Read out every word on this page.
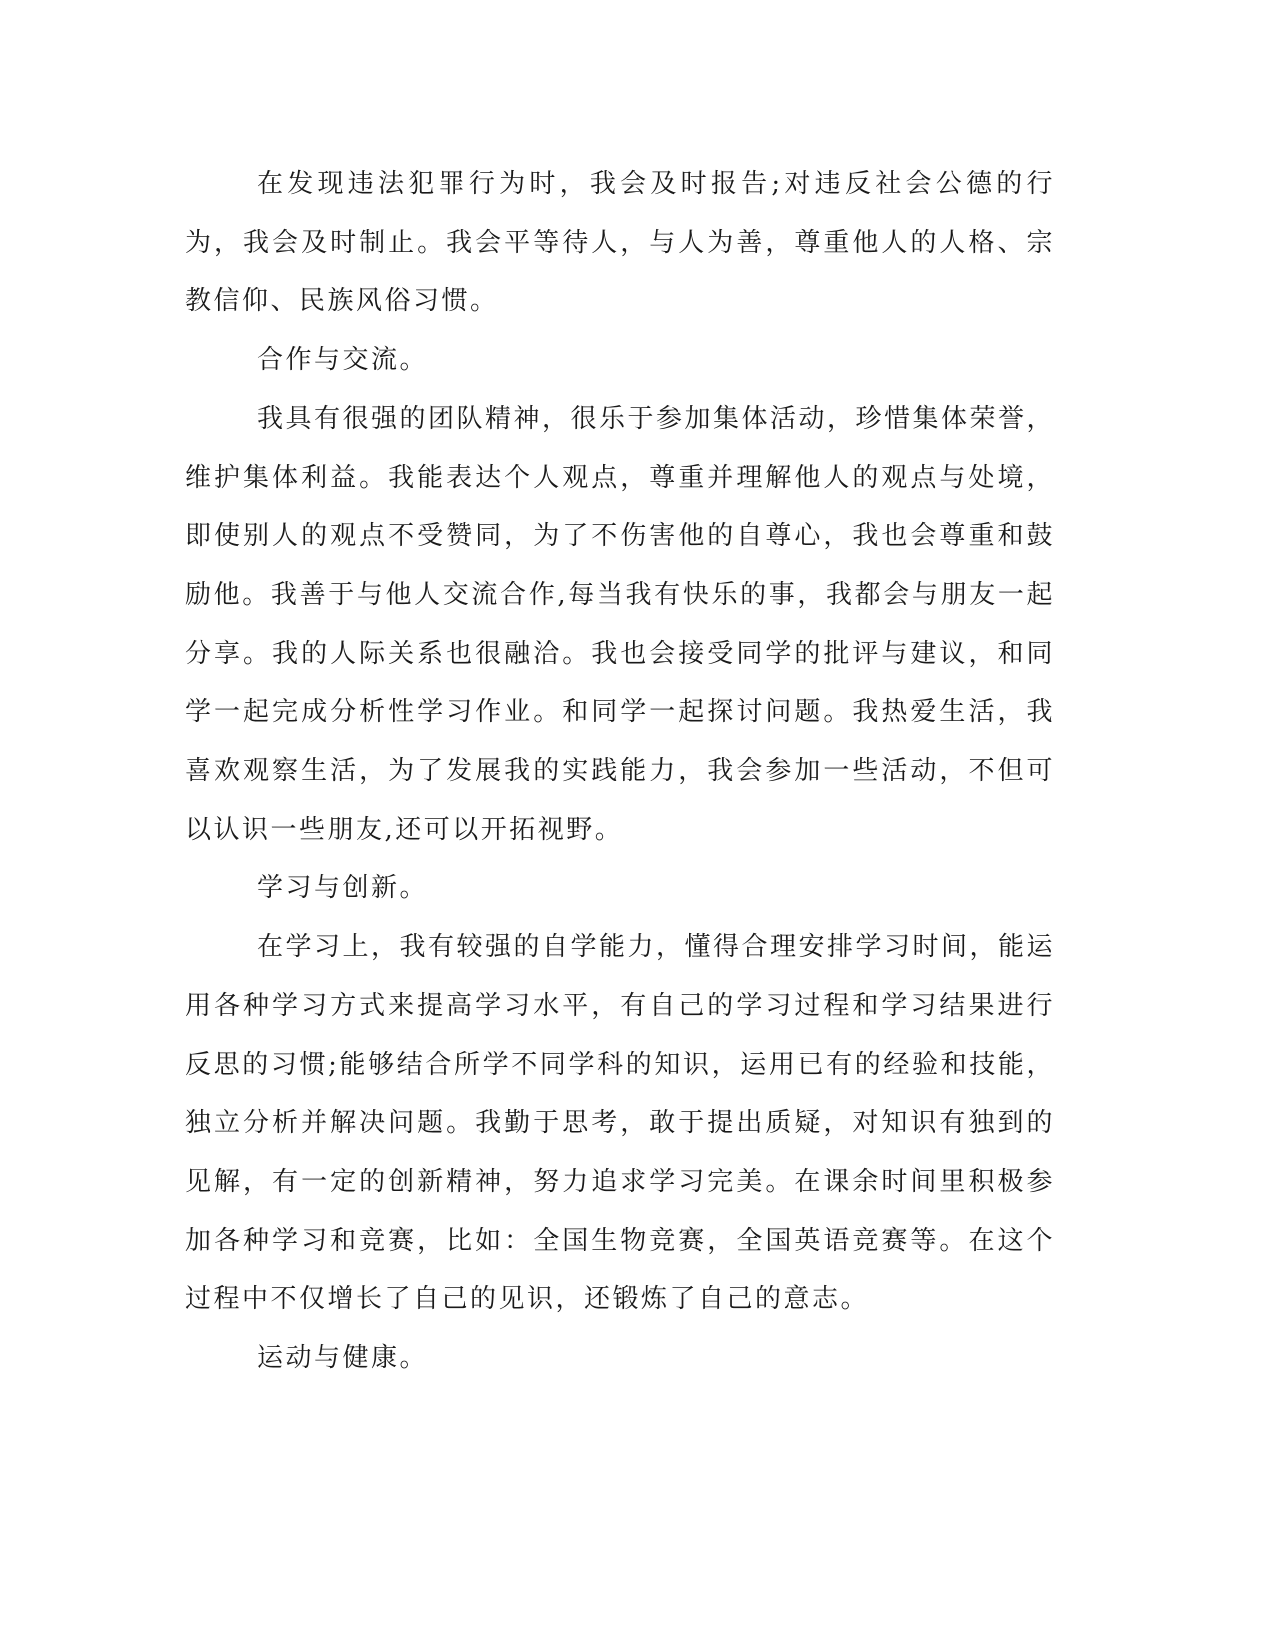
在发现违法犯罪行为时，我会及时报告;对违反社会公德的行为，我会及时制止。我会平等待人，与人为善，尊重他人的人格、宗教信仰、民族风俗习惯。

合作与交流。

我具有很强的团队精神，很乐于参加集体活动，珍惜集体荣誉，维护集体利益。我能表达个人观点，尊重并理解他人的观点与处境，即使别人的观点不受赞同，为了不伤害他的自尊心，我也会尊重和鼓励他。我善于与他人交流合作,每当我有快乐的事，我都会与朋友一起分享。我的人际关系也很融洽。我也会接受同学的批评与建议，和同学一起完成分析性学习作业。和同学一起探讨问题。我热爱生活，我喜欢观察生活，为了发展我的实践能力，我会参加一些活动，不但可以认识一些朋友,还可以开拓视野。

学习与创新。

在学习上，我有较强的自学能力，懂得合理安排学习时间，能运用各种学习方式来提高学习水平，有自己的学习过程和学习结果进行反思的习惯;能够结合所学不同学科的知识，运用已有的经验和技能，独立分析并解决问题。我勤于思考，敢于提出质疑，对知识有独到的见解，有一定的创新精神，努力追求学习完美。在课余时间里积极参加各种学习和竞赛，比如：全国生物竞赛，全国英语竞赛等。在这个过程中不仅增长了自己的见识，还锻炼了自己的意志。

运动与健康。
